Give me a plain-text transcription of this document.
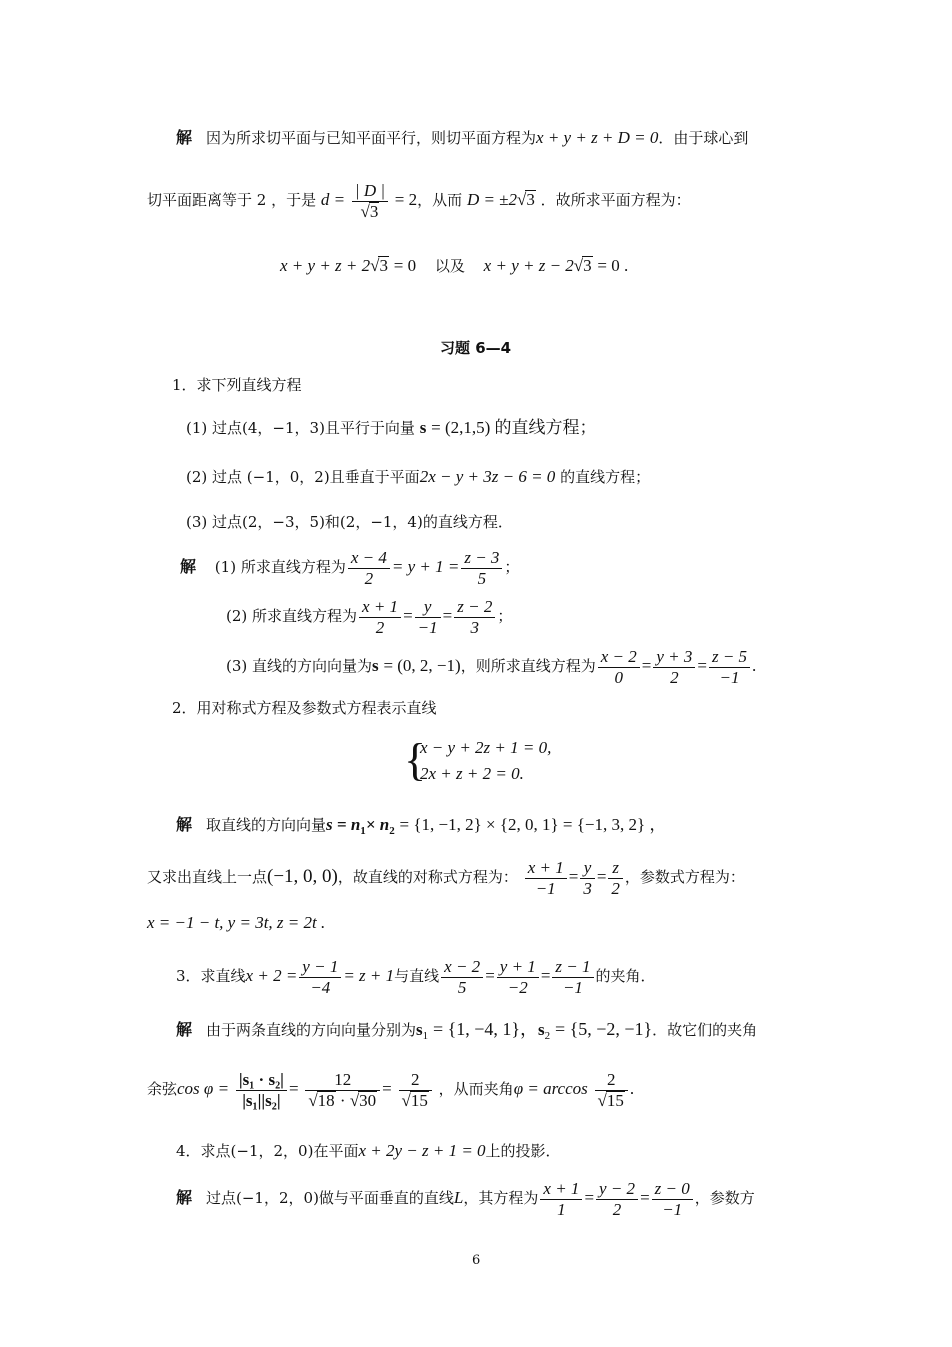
解 因为所求切平面与已知平面平行，则切平面方程为x + y + z + D = 0．由于球心到
切平面距离等于 2 ，于是 $d = \frac{| D |}{√3} = 2$，从而 D = ±2√3 ．故所求平面方程为：
x + y + z + 2√3 = 0 以及 x + y + z − 2√3 = 0 .
习题 6—4
1．求下列直线方程
(1) 过点(4，−1，3)且平行于向量 s = (2,1,5) 的直线方程；
(2) 过点 (−1，0，2)且垂直于平面2x − y + 3z − 6 = 0 的直线方程；
(3) 过点(2，−3，5)和(2，−1，4)的直线方程．
解 (1) 所求直线方程为 $\frac{x - 4}{2} = y + 1 = \frac{z - 3}{5}$ ；
(2) 所求直线方程为 $\frac{x + 1}{2} = \frac{y}{-1} = \frac{z - 2}{3}$ ；
(3) 直线的方向向量为s = (0, 2, −1)，则所求直线方程为 $\frac{x - 2}{0} = \frac{y + 3}{2} = \frac{z - 5}{-1}$ .
2．用对称式方程及参数式方程表示直线
{
x − y + 2z + 1 = 0,
2x + z + 2 = 0.
解 取直线的方向向量$s = n_1\times n_2 = \{1$, −1, 2} × {2, 0, 1} = {−1, 3, 2} ，
又求出直线上一点(−1, 0, 0)，故直线的对称式方程为： $\frac{x + 1}{-1} = \frac{y}{3} = \frac{z}{2}$ ，参数式方程为：
x = −1 − t, y = 3t, z = 2t .
3．求直线$x + 2 = \frac{y - 1}{-4} = z + 1$与直线 $\frac{x - 2}{5} = \frac{y + 1}{-2} = \frac{z - 1}{-1}$ 的夹角．
解 由于两条直线的方向向量分别为$s_1 = \{1$, −4, 1}，$s_2 = \{5$, −2, −1}．故它们的夹角
余弦$\cos \varphi = \frac{\text{|s₁ · s₂|}}{\text{|s₁||s₂|}} = \frac{12}{√18 \cdot √30} = \frac{2}{√15}$ ，从而夹角$\varphi = \arccos \frac{2}{√15}$ .
4．求点(−1，2，0)在平面x + 2y − z + 1 = 0上的投影．
解 过点(−1，2，0)做与平面垂直的直线L，其方程为 $\frac{x + 1}{1} = \frac{y - 2}{2} = \frac{z - 0}{-1}$ ，参数方
6
